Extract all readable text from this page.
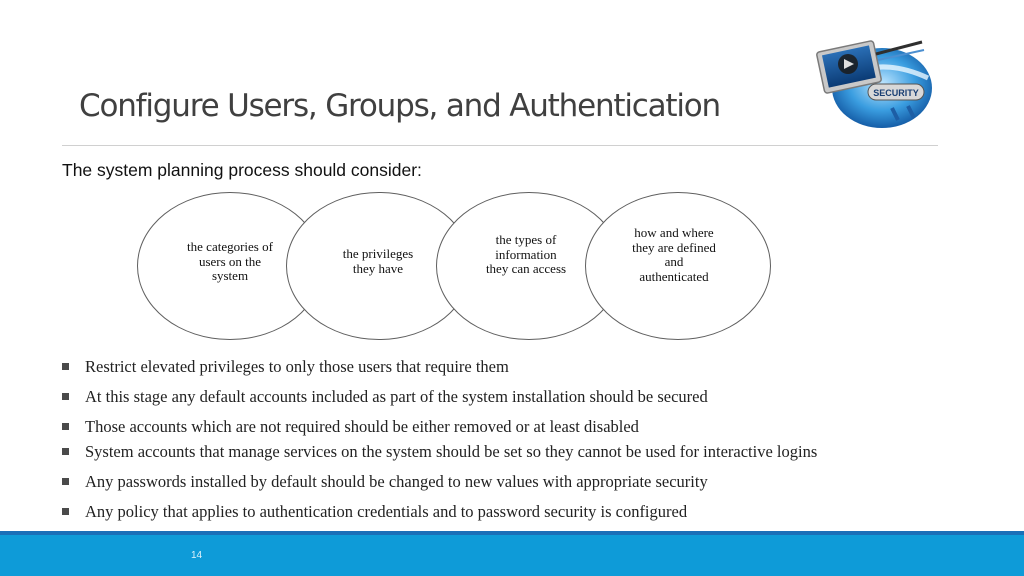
Configure Users, Groups, and Authentication	SECURITY
The system planning process should consider:
the categories of
users on the
system
the privileges
they have
the types of
information
they can access
how and where
they are defined
and
authenticated
Restrict elevated privileges to only those users that require them
At this stage any default accounts included as part of the system installation should be secured
Those accounts which are not required should be either removed or at least disabled
System accounts that manage services on the system should be set so they cannot be used for interactive logins
Any passwords installed by default should be changed to new values with appropriate security
Any policy that applies to authentication credentials and to password security is configured
14
